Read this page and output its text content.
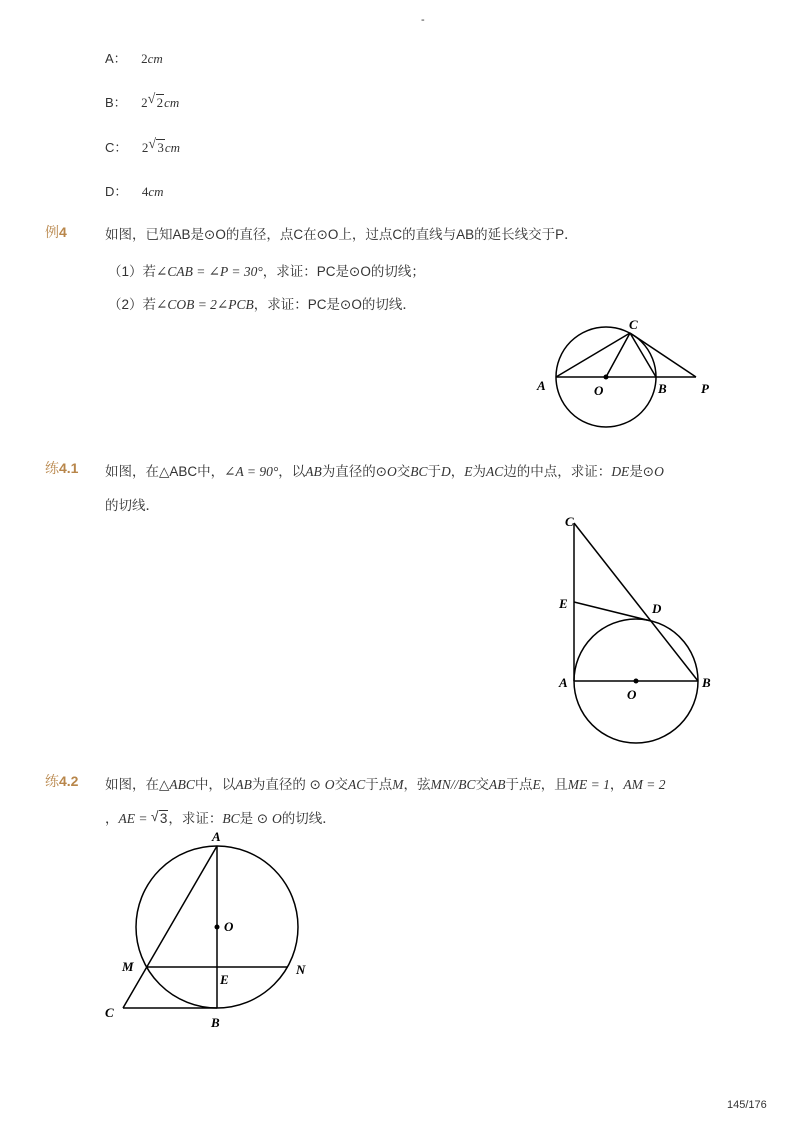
-
A： 2cm
B： 2 √ 2cm
C： 2 √ 3cm
D： 4cm
例4	如图，已知AB是⊙O的直径，点C在⊙O上，过点C的直线与AB的延长线交于P．
（1）若∠CAB = ∠P = 30°，求证：PC是⊙O的切线；
（2）若∠COB = 2∠PCB，求证：PC是⊙O的切线．
A	O	B	P
C
练4.1 如图，在△ABC中，∠A = 90°，以AB为直径的⊙O交BC于D，E为AC边的中点，求证：DE是⊙O
的切线．
C
E	D
A
O
B
练4.2 如图，在△ABC中，以AB为直径的 ⊙ O交AC于点M，弦MN//BC交AB于点E，且ME = 1，AM = 2
，AE = √ 3，求证：BC是 ⊙ O的切线．
A
O
M
E
N
C
B
145/176
